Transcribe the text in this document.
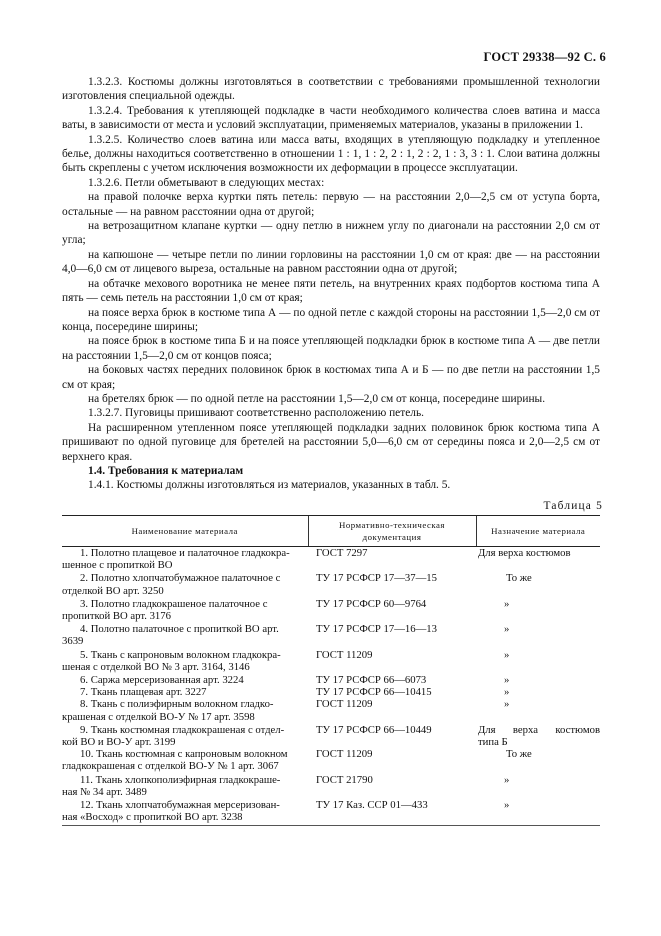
ГОСТ 29338—92 С. 6

1.3.2.3. Костюмы должны изготовляться в соответствии с требованиями промышленной технологии изготовления специальной одежды.

1.3.2.4. Требования к утепляющей подкладке в части необходимого количества слоев ватина и масса ваты, в зависимости от места и условий эксплуатации, применяемых материалов, указаны в приложении 1.

1.3.2.5. Количество слоев ватина или масса ваты, входящих в утепляющую подкладку и утепленное белье, должны находиться соответственно в отношении 1 : 1, 1 : 2, 2 : 1, 2 : 2, 1 : 3, 3 : 1. Слои ватина должны быть скреплены с учетом исключения возможности их деформации в процессе эксплуатации.

1.3.2.6. Петли обметывают в следующих местах:

на правой полочке верха куртки пять петель: первую — на расстоянии 2,0—2,5 см от уступа борта, остальные — на равном расстоянии одна от другой;

на ветрозащитном клапане куртки — одну петлю в нижнем углу по диагонали на расстоянии 2,0 см от угла;

на капюшоне — четыре петли по линии горловины на расстоянии 1,0 см от края: две — на расстоянии 4,0—6,0 см от лицевого выреза, остальные на равном расстоянии одна от другой;

на обтачке мехового воротника не менее пяти петель, на внутренних краях подбортов костюма типа А пять — семь петель на расстоянии 1,0 см от края;

на поясе верха брюк в костюме типа А — по одной петле с каждой стороны на расстоянии 1,5—2,0 см от конца, посередине ширины;

на поясе брюк в костюме типа Б и на поясе утепляющей подкладки брюк в костюме типа А — две петли на расстоянии 1,5—2,0 см от концов пояса;

на боковых частях передних половинок брюк в костюмах типа А и Б — по две петли на расстоянии 1,5 см от края;

на бретелях брюк — по одной петле на расстоянии 1,5—2,0 см от конца, посередине ширины.

1.3.2.7. Пуговицы пришивают соответственно расположению петель.

На расширенном утепленном поясе утепляющей подкладки задних половинок брюк костюма типа А пришивают по одной пуговице для бретелей на расстоянии 5,0—6,0 см от середины пояса и 2,0—2,5 см от верхнего края.

1.4. Требования к материалам

1.4.1. Костюмы должны изготовляться из материалов, указанных в табл. 5.

Таблица 5
Наименование материала	Нормативно-техническая документация	Назначение материала

1. Полотно плащевое и палаточное гладкокра-
шенное с пропиткой ВО	ГОСТ 7297	Для верха костюмов

2. Полотно хлопчатобумажное палаточное с
отделкой ВО арт. 3250	ТУ 17 РСФСР 17—37—15	То же

3. Полотно гладкокрашеное палаточное с
пропиткой ВО арт. 3176	ТУ 17 РСФСР 60—9764	»

4. Полотно палаточное с пропиткой ВО арт.
3639	ТУ 17 РСФСР 17—16—13	»

5. Ткань с капроновым волокном гладкокра-
шеная с отделкой ВО № 3 арт. 3164, 3146	ГОСТ 11209	»

6. Саржа мерсеризованная арт. 3224	ТУ 17 РСФСР 66—6073	»

7. Ткань плащевая арт. 3227	ТУ 17 РСФСР 66—10415	»

8. Ткань с полиэфирным волокном гладко-
крашеная с отделкой ВО-У № 17 арт. 3598	ГОСТ 11209	»

9. Ткань костюмная гладкокрашеная с отдел-
кой ВО и ВО-У арт. 3199	ТУ 17 РСФСР 66—10449	Для верха костюмов
типа Б

10. Ткань костюмная с капроновым волокном
гладкокрашеная с отделкой ВО-У № 1 арт. 3067	ГОСТ 11209	То же

11. Ткань хлопкополиэфирная гладкокраше-
ная № 34 арт. 3489	ГОСТ 21790	»

12. Ткань хлопчатобумажная мерсеризован-
ная «Восход» с пропиткой ВО арт. 3238	ТУ 17 Каз. ССР 01—433	»
